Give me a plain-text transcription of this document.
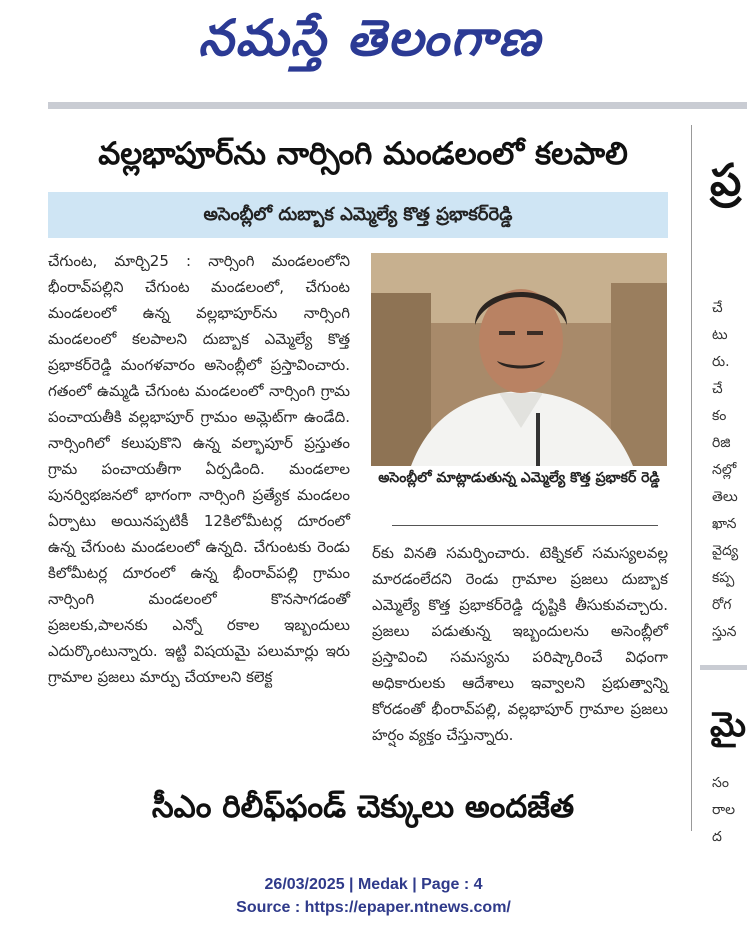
నమస్తే తెలంగాణ
వల్లభాపూర్‌ను నార్సింగి మండలంలో కలపాలి
అసెంబ్లీలో దుబ్బాక ఎమ్మెల్యే కొత్త ప్రభాకర్‌రెడ్డి
చేగుంట, మార్చి25 : నార్సింగి మండలంలోని భీంరావ్‌పల్లిని చేగుంట మండలంలో, చేగుంట మండలంలో ఉన్న వల్లభాపూర్‌ను నార్సింగి మండలంలో కలపాలని దుబ్బాక ఎమ్మెల్యే కొత్త ప్రభాకర్‌రెడ్డి మంగళవారం అసెంబ్లీలో ప్రస్తావించారు. గతంలో ఉమ్మడి చేగుంట మండలంలో నార్సింగి గ్రామ పంచాయతీకి వల్లభాపూర్ గ్రామం అమ్లెట్‌గా ఉండేది. నార్సింగిలో కలుపుకొని ఉన్న వల్భాపూర్ ప్రస్తుతం గ్రామ పంచాయతీగా ఏర్పడింది. మండలాల పునర్విభజనలో భాగంగా నార్సింగి ప్రత్యేక మండలం ఏర్పాటు అయినప్పటికీ 12కిలోమీటర్ల దూరంలో ఉన్న చేగుంట మండలంలో ఉన్నది. చేగుంటకు రెండు కిలోమీటర్ల దూరంలో ఉన్న భీంరావ్‌పల్లి గ్రామం నార్సింగి మండలంలో కొనసాగడంతో ప్రజలకు,పాలనకు ఎన్నో రకాల ఇబ్బందులు ఎదుర్కొంటున్నారు. ఇట్టి విషయమై పలుమార్లు ఇరు గ్రామాల ప్రజలు మార్పు చేయాలని కలెక్ట
అసెంబ్లీలో మాట్లాడుతున్న ఎమ్మెల్యే కొత్త ప్రభాకర్ రెడ్డి
ర్‌కు వినతి సమర్పించారు. టెక్నికల్ సమస్యలవల్ల మారడంలేదని రెండు గ్రామాల ప్రజలు దుబ్బాక ఎమ్మెల్యే కొత్త ప్రభాకర్‌రెడ్డి దృష్టికి తీసుకువచ్చారు. ప్రజలు పడుతున్న ఇబ్బందులను అసెంబ్లీలో ప్రస్తావించి సమస్యను పరిష్కారించే విధంగా అధికారులకు ఆదేశాలు ఇవ్వాలని ప్రభుత్వాన్ని కోరడంతో భీంరావ్‌పల్లి, వల్లభాపూర్ గ్రామాల ప్రజలు హర్షం వ్యక్తం చేస్తున్నారు.
సీఎం రిలీఫ్‌ఫండ్ చెక్కులు అందజేత
ప్ర
చే
టు
రు.
చే
కం
రిజి
నల్లో
తెలు
ఖాన
వైద్య
కప్ప
రోగ
స్తున
మై
సం
రాల
ద
26/03/2025 | Medak | Page : 4
Source : https://epaper.ntnews.com/
